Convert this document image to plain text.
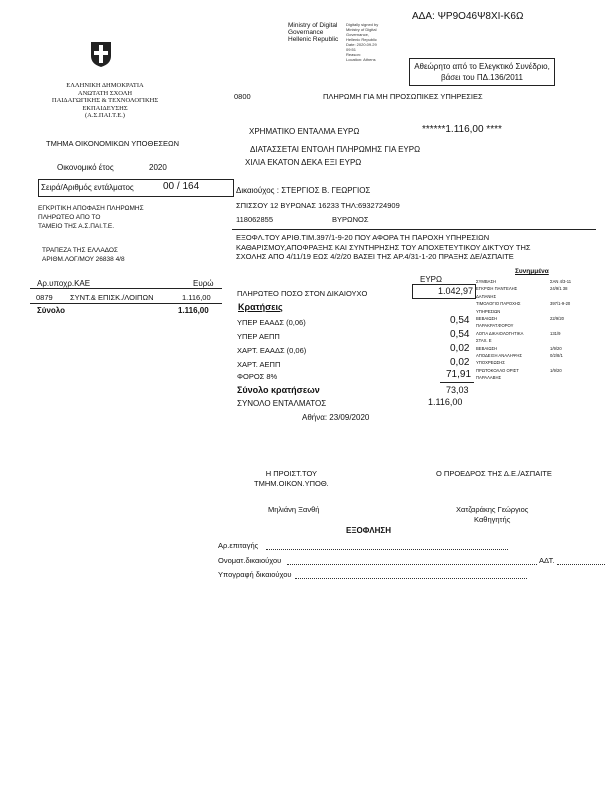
ΑΔΑ: ΨΡ9Ο46Ψ8ΧΙ-Κ6Ω
Ministry of Digital
Governance
Hellenic Republic
Digitally signed by
Ministry of Digital
Governance,
Hellenic Republic
Date: 2020.09.29
09:51
Reason:
Location: Athens
ΕΛΛΗΝΙΚΗ ΔΗΜΟΚΡΑΤΙΑ
ΑΝΩΤΑΤΗ ΣΧΟΛΗ
ΠΑΙΔΑΓΩΓΙΚΗΣ & ΤΕΧΝΟΛΟΓΙΚΗΣ
ΕΚΠΑΙΔΕΥΣΗΣ
(Α.Σ.ΠΑΙ.Τ.Ε.)
Αθεώρητο από το Ελεγκτικό Συνέδριο,
βάσει του ΠΔ.136/2011
0800	ΠΛΗΡΩΜΗ ΓΙΑ ΜΗ ΠΡΟΣΩΠΙΚΕΣ ΥΠΗΡΕΣΙΕΣ
ΤΜΗΜΑ ΟΙΚΟΝΟΜΙΚΩΝ ΥΠΟΘΕΣΕΩΝ
ΧΡΗΜΑΤΙΚΟ ΕΝΤΑΛΜΑ ΕΥΡΩ	******1.116,00 ****
ΔΙΑΤΑΣΣΕΤΑΙ ΕΝΤΟΛΗ ΠΛΗΡΩΜΗΣ ΓΙΑ ΕΥΡΩ
ΧΙΛΙΑ ΕΚΑΤΟΝ ΔΕΚΑ ΕΞΙ ΕΥΡΩ
Οικονομικό έτος	2020
Σειρά/Αριθμός εντάλματος	00 / 164	Δικαιούχος : ΣΤΕΡΓΙΟΣ Β. ΓΕΩΡΓΙΟΣ
ΣΠΙΣΣΟΥ 12 ΒΥΡΩΝΑΣ 16233 ΤΗΛ:6932724909
118062855	ΒΥΡΩΝΟΣ
ΕΓΚΡΙΤΙΚΗ ΑΠΟΦΑΣΗ ΠΛΗΡΩΜΗΣ
ΠΛΗΡΩΤΕΟ ΑΠΟ ΤΟ
ΤΑΜΕΙΟ ΤΗΣ Α.Σ.ΠΑΙ.Τ.Ε.
ΤΡΑΠΕΖΑ ΤΗΣ ΕΛΛΑΔΟΣ
ΑΡΙΘΜ.ΛΟΓ/ΜΟΥ 26838 4/8
ΕΞΟΦΛ.ΤΟΥ ΑΡΙΘ.ΤΙΜ.397/1-9-20 ΠΟΥ ΑΦΟΡΑ ΤΗ ΠΑΡΟΧΗ ΥΠΗΡΕΣΙΩΝ
ΚΑΘΑΡΙΣΜΟΥ,ΑΠΟΦΡΑΞΗΣ ΚΑΙ ΣΥΝΤΗΡΗΣΗΣ ΤΟΥ ΑΠΟΧΕΤΕΥΤΙΚΟΥ ΔΙΚΤΥΟΥ ΤΗΣ
ΣΧΟΛΗΣ ΑΠΟ 4/11/19 ΕΩΣ 4/2/20 ΒΑΣΕΙ ΤΗΣ ΑΡ.4/31-1-20 ΠΡΑΞΗΣ ΔΕ/ΑΣΠΑΙΤΕ
Αρ.υποχρ.ΚΑΕ	Ευρώ
0879 ΣΥΝΤ.& ΕΠΙΣΚ./ΛΟΙΠΩΝ	1.116,00
Σύνολο	1.116,00
ΕΥΡΩ
ΠΛΗΡΩΤΕΟ ΠΟΣΟ ΣΤΟΝ ΔΙΚΑΙΟΥΧΟ	1.042,97
Κρατήσεις
ΥΠΕΡ ΕΑΑΔΣ (0,06)	0,54
ΥΠΕΡ ΑΕΠΠ	0,54
ΧΑΡΤ. ΕΑΑΔΣ (0,06)	0,02
ΧΑΡΤ. ΑΕΠΠ	0,02
ΦΟΡΟΣ 8%	71,91
Σύνολο κρατήσεων	73,03
ΣΥΝΟΛΟ ΕΝΤΑΛΜΑΤΟΣ	1.116,00
Αθήνα: 23/09/2020
Συνημμένα
ΣΥΜΒΑΣΗ	ΣΑΝ 4/3-11
ΕΓΚΡΙΣΗ ΠΑΝΤΕΛΗΣ	24/9/1 38
ΔΑΠΑΝΗΣ
ΤΙΜΟΛΟΓΙΟ ΠΑΡΟΧΗΣ	397/1-9-20
ΥΠΗΡΕΣΙΩΝ
ΒΕΒΑΙΩΣΗ	22/9/20
ΠΑΡΑΚΡΑΤ.ΦΟΡΟΥ
ΛΟΓΙΑ ΔΙΚΑΙΟΛΟΓΗΤΙΚΑ	131/9
ΣΤΑΧ. Ε
ΒΕΒΑΙΩΣΗ	1/9/20
ΑΠΟΔΕΙΞΗ ΑΝΑΛΗΨΗΣ	0/2/8/1
ΥΠΟΧΡΕΩΣΗΣ
ΠΡΩΤΟΚΟΛΛΟ ΟΡΙΣΤ	1/9/20
ΠΑΡΑΛΑΒΗΣ
Η ΠΡΟΙΣΤ.ΤΟΥ
ΤΜΗΜ.ΟΙΚΟΝ.ΥΠΟΘ.
Ο ΠΡΟΕΔΡΟΣ ΤΗΣ Δ.Ε./ΑΣΠΑΙΤΕ
Μηλιάνη Ξανθή	Χατζαράκης Γεώργιος
Καθηγητής
ΕΞΟΦΛΗΣΗ
Αρ.επιταγής
Ονοματ.δικαιούχου	ΑΔΤ.
Υπογραφή δικαιούχου
